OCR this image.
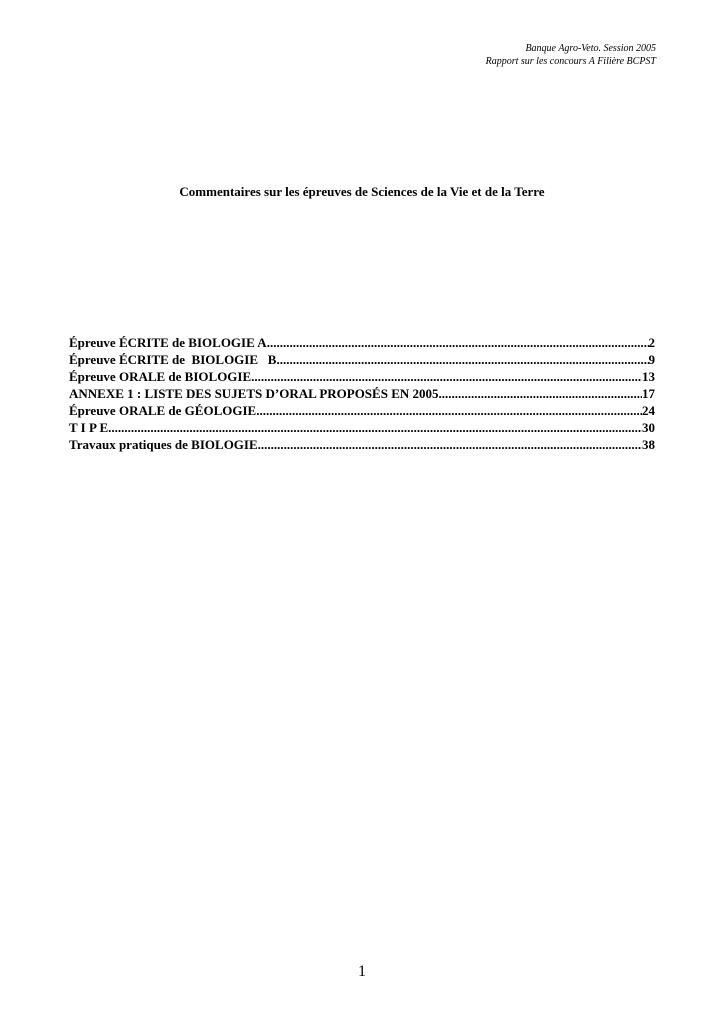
Banque Agro-Veto. Session 2005
Rapport sur les concours A Filière BCPST
Commentaires sur les épreuves de Sciences de la Vie et de la Terre
Épreuve ÉCRITE de BIOLOGIE A .....	2
Épreuve ÉCRITE de  BIOLOGIE   B .....	9
Épreuve ORALE de BIOLOGIE .....	13
ANNEXE 1 : LISTE DES SUJETS D’ORAL PROPOSÉS EN 2005 .....	17
Épreuve ORALE de GÉOLOGIE .....	24
T I P E .....	30
Travaux pratiques de BIOLOGIE .....	38
1
